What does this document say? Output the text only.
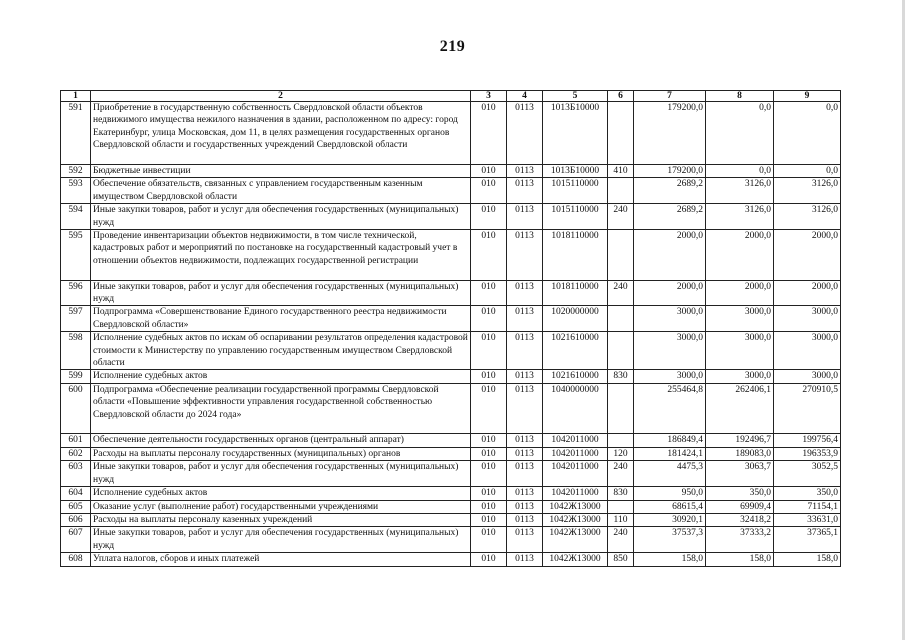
219
1	2	3	4	5	6	7	8	9
591	Приобретение в государственную собственность Свердловской области объектов недвижимого имущества нежилого назначения в здании, расположенном по адресу: город Екатеринбург, улица Московская, дом 11, в целях размещения государственных органов Свердловской области и государственных учреждений Свердловской области	010	0113	1013Б10000		179200,0	0,0	0,0
592	Бюджетные инвестиции	010	0113	1013Б10000	410	179200,0	0,0	0,0
593	Обеспечение обязательств, связанных с управлением государственным казенным имуществом Свердловской области	010	0113	1015110000		2689,2	3126,0	3126,0
594	Иные закупки товаров, работ и услуг для обеспечения государственных (муниципальных) нужд	010	0113	1015110000	240	2689,2	3126,0	3126,0
595	Проведение инвентаризации объектов недвижимости, в том числе технической, кадастровых работ и мероприятий по постановке на государственный кадастровый учет в отношении объектов недвижимости, подлежащих государственной регистрации	010	0113	1018110000		2000,0	2000,0	2000,0
596	Иные закупки товаров, работ и услуг для обеспечения государственных (муниципальных) нужд	010	0113	1018110000	240	2000,0	2000,0	2000,0
597	Подпрограмма «Совершенствование Единого государственного реестра недвижимости Свердловской области»	010	0113	1020000000		3000,0	3000,0	3000,0
598	Исполнение судебных актов по искам об оспаривании результатов определения кадастровой стоимости к Министерству по управлению государственным имуществом Свердловской области	010	0113	1021610000		3000,0	3000,0	3000,0
599	Исполнение судебных актов	010	0113	1021610000	830	3000,0	3000,0	3000,0
600	Подпрограмма «Обеспечение реализации государственной программы Свердловской области «Повышение эффективности управления государственной собственностью Свердловской области до 2024 года»	010	0113	1040000000		255464,8	262406,1	270910,5
601	Обеспечение деятельности государственных органов (центральный аппарат)	010	0113	1042011000		186849,4	192496,7	199756,4
602	Расходы на выплаты персоналу государственных (муниципальных) органов	010	0113	1042011000	120	181424,1	189083,0	196353,9
603	Иные закупки товаров, работ и услуг для обеспечения государственных (муниципальных) нужд	010	0113	1042011000	240	4475,3	3063,7	3052,5
604	Исполнение судебных актов	010	0113	1042011000	830	950,0	350,0	350,0
605	Оказание услуг (выполнение работ) государственными учреждениями	010	0113	1042Ж13000		68615,4	69909,4	71154,1
606	Расходы на выплаты персоналу казенных учреждений	010	0113	1042Ж13000	110	30920,1	32418,2	33631,0
607	Иные закупки товаров, работ и услуг для обеспечения государственных (муниципальных) нужд	010	0113	1042Ж13000	240	37537,3	37333,2	37365,1
608	Уплата налогов, сборов и иных платежей	010	0113	1042Ж13000	850	158,0	158,0	158,0
